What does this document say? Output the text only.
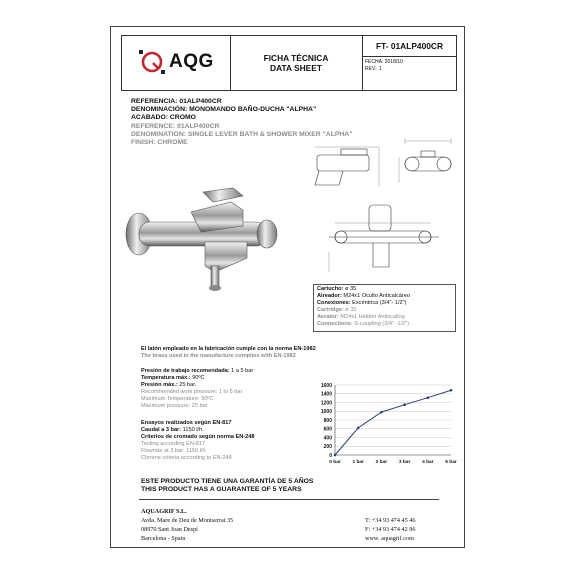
AQG	FICHA TÉCNICA
DATA SHEET
FT- 01ALP400CR
FECHA: 2018/10
REV.: 1
REFERENCIA: 01ALP400CR
DENOMINACIÓN: MONOMANDO BAÑO-DUCHA "ALPHA"
ACABADO: CROMO
REFERENCE: 01ALP400CR
DENOMINATION: SINGLE LEVER BATH & SHOWER MIXER "ALPHA"
FINISH: CHROME
Cartucho: ø 35
Aireador: M24x1 Oculto Anticalcáreo
Conexiones: Excéntrica (3/4"- 1/2")
Cartridge: ø 35
Aerator: M24x1 Hidden Antiscaling
Connections: S-coupling (3/4"- 1/2")
El latón empleado en la fabricación cumple con la norma EN-1982
The brass used in the manufacture complies with EN-1982
Presión de trabajo recomendada: 1 a 5 bar
Temperatura máx.: 90ºC
Presión máx.: 25 bar.
Recommended work pressure: 1 to 5 bar
Maximum Temperature: 90ºC
Maximum pressure: 25 bar
Ensayos realizados según EN-817
Caudal a 3 bar: 1150 l/h
Criterios de cromado según norma EN-248
Testing according EN-817
Flowrate at 3 bar: 1150 l/h
Chrome criteria according to EN-248	0
200
400
600
800
1000
1200
1400
1600
0 bar 1 bar 2 bar 3 bar 4 bar 5 bar
ESTE PRODUCTO TIENE UNA GARANTÍA DE 5 AÑOS
THIS PRODUCT HAS A GUARANTEE OF 5 YEARS
AQUAGRIF S.L.
Avda. Mare de Deu de Montserrat 35
08970 Sant Joan Despí
Barcelona - Spain
T: +34 93 474 45 46
F: +34 93 474 42 96
www. aquagrif.com
